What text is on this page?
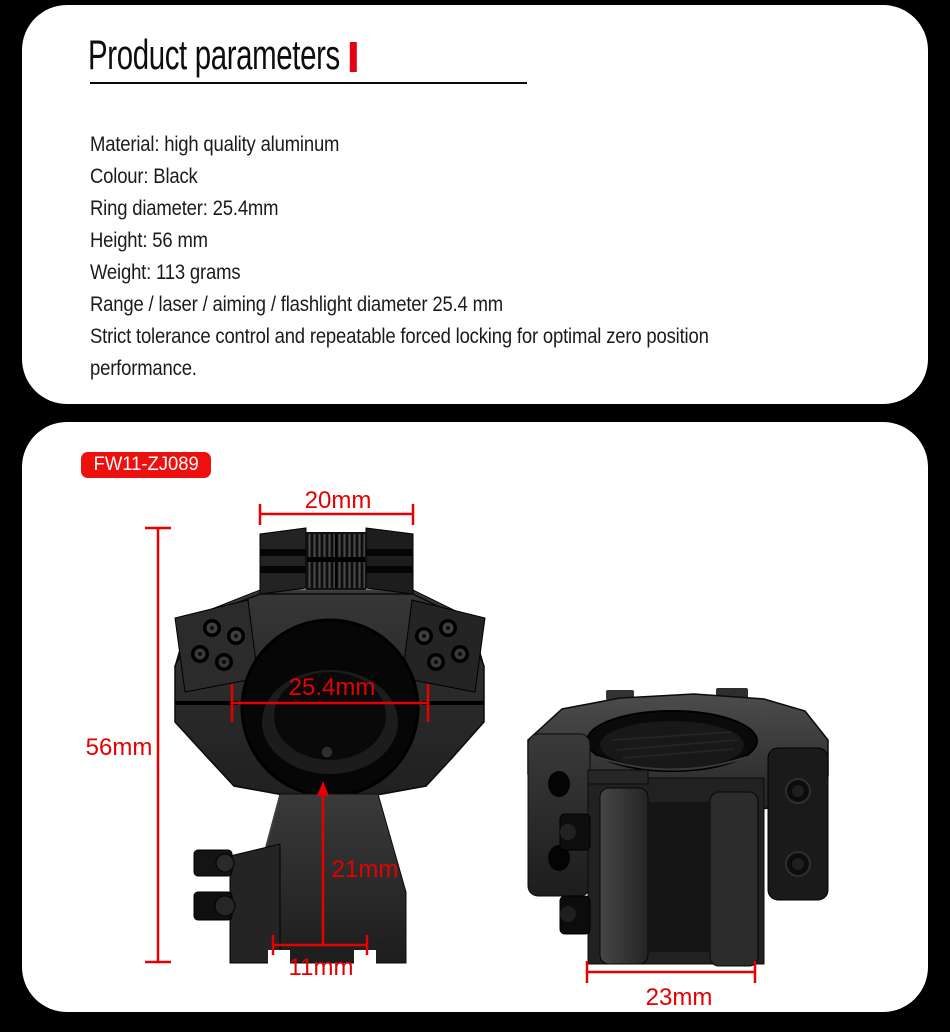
Product parameters
Material: high quality aluminum
Colour: Black
Ring diameter: 25.4mm
Height: 56 mm
Weight: 113 grams
Range / laser / aiming / flashlight diameter 25.4 mm
Strict tolerance control and repeatable forced locking for optimal zero position
performance.
FW11-ZJ089
20mm
56mm
25.4mm
21mm
11mm
23mm
